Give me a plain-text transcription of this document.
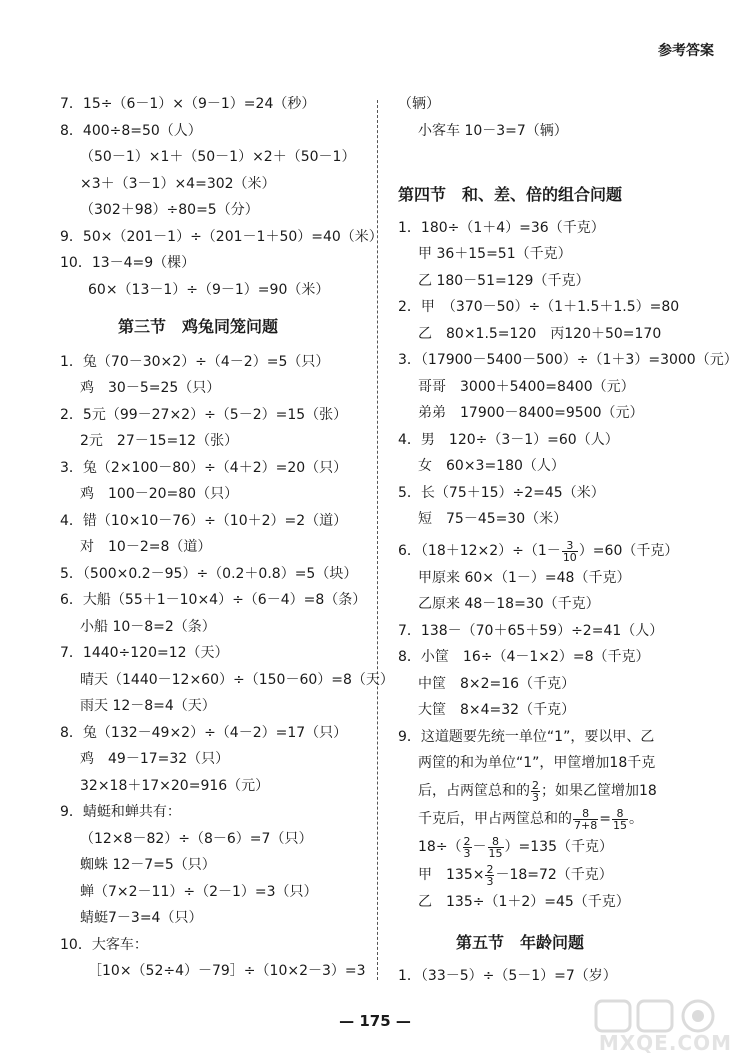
参考答案
7．15÷（6－1）×（9－1）=24（秒）
8．400÷8=50（人）
（50－1）×1＋（50－1）×2＋（50－1）
×3＋（3－1）×4=302（米）
（302＋98）÷80=5（分）
9．50×（201－1）÷（201－1＋50）=40（米）
10．13－4=9（棵）
60×（13－1）÷（9－1）=90（米）
第三节　鸡兔同笼问题
1．兔（70－30×2）÷（4－2）=5（只）
鸡　30－5=25（只）
2．5元（99－27×2）÷（5－2）=15（张）
2元　27－15=12（张）
3．兔（2×100－80）÷（4＋2）=20（只）
鸡　100－20=80（只）
4．错（10×10－76）÷（10＋2）=2（道）
对　10－2=8（道）
5．（500×0.2－95）÷（0.2＋0.8）=5（块）
6．大船（55＋1－10×4）÷（6－4）=8（条）
小船 10－8=2（条）
7．1440÷120=12（天）
晴天（1440－12×60）÷（150－60）=8（天）
雨天 12－8=4（天）
8．兔（132－49×2）÷（4－2）=17（只）
鸡　49－17=32（只）
32×18＋17×20=916（元）
9．蜻蜓和蝉共有：
（12×8－82）÷（8－6）=7（只）
蜘蛛 12－7=5（只）
蝉（7×2－11）÷（2－1）=3（只）
蜻蜓7－3=4（只）
10．大客车：
［10×（52÷4）－79］÷（10×2－3）=3
（辆）
小客车 10－3=7（辆）
第四节　和、差、倍的组合问题
1．180÷（1＋4）=36（千克）
甲 36＋15=51（千克）
乙 180－51=129（千克）
2．甲　（370－50）÷（1＋1.5＋1.5）=80
乙　80×1.5=120　丙120＋50=170
3．（17900－5400－500）÷（1＋3）=3000（元）
哥哥　3000＋5400=8400（元）
弟弟　17900－8400=9500（元）
4．男　120÷（3－1）=60（人）
女　60×3=180（人）
5．长（75＋15）÷2=45（米）
短　75－45=30（米）
6．$(18+12\times 2)\div(1- \frac{3}{10} )=60$（千克）
甲原来 60×（1－）=48（千克）
乙原来 48－18=30（千克）
7．138－（70＋65＋59）÷2=41（人）
8．小筐　16÷（4－1×2）=8（千克）
中筐　8×2=16（千克）
大筐　8×4=32（千克）
9．这道题要先统一单位“1”，要以甲、乙
两筐的和为单位“1”，甲筐增加18千克
后，占两筐总和的 $\frac{2}{3}$ ；如果乙筐增加18
千克后，甲占两筐总和的 $\frac{8}{7+8} = \frac{8}{15}$ 。
$18\div( \frac{2}{3} - \frac{8}{15} )=135$（千克）
甲　$135\times \frac{2}{3} -18=72$（千克）
乙　135÷（1＋2）=45（千克）
第五节　年龄问题
1．（33－5）÷（5－1）=7（岁）
— 175 —
MXQE.COM
